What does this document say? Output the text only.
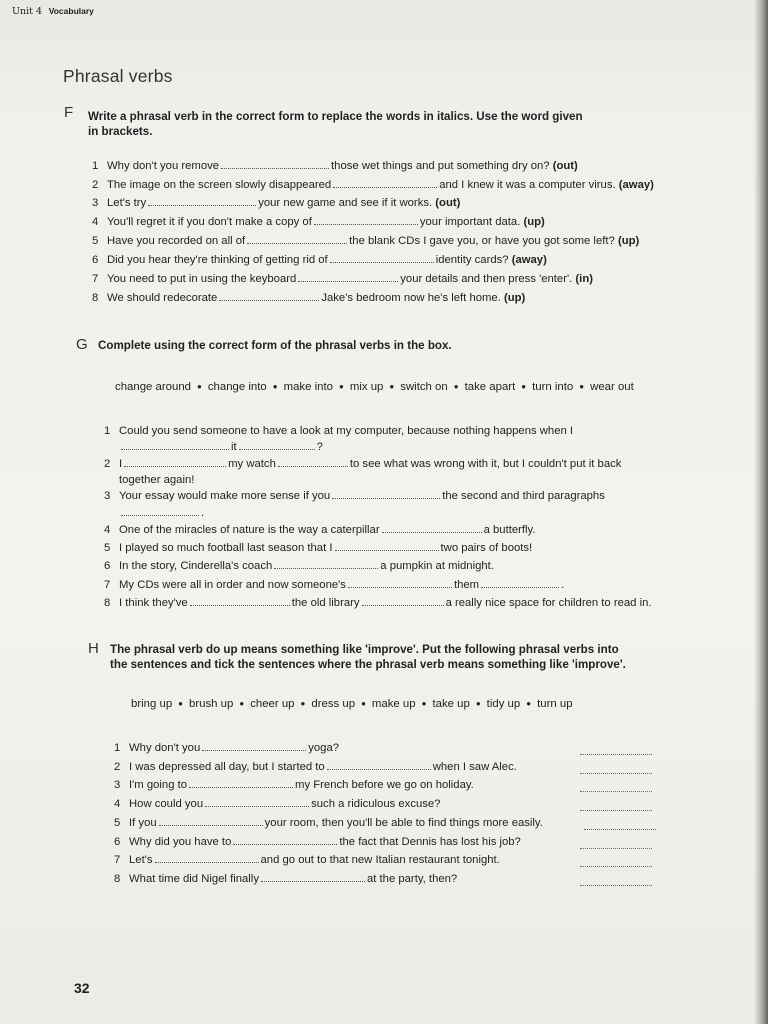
Unit 4 Vocabulary
Phrasal verbs
F Write a phrasal verb in the correct form to replace the words in italics. Use the word given
in brackets.
1 Why don't you remove	those wet things and put something dry on? (out)
2 The image on the screen slowly disappeared	and I knew it was a computer virus. (away)
3 Let's try	your new game and see if it works. (out)
4 You'll regret it if you don't make a copy of	your important data. (up)
5 Have you recorded on all of	the blank CDs I gave you, or have you got some left? (up)
6 Did you hear they're thinking of getting rid of	identity cards? (away)
7 You need to put in using the keyboard	your details and then press 'enter'. (in)
8 We should redecorate	Jake's bedroom now he's left home. (up)
G Complete using the correct form of the phrasal verbs in the box.
change around ● change into ● make into ● mix up ● switch on ● take apart ● turn into ● wear out
1 Could you send someone to have a look at my computer, because nothing happens when I
it	?
2 I	my watch	to see what was wrong with it, but I couldn't put it back
together again!
3 Your essay would make more sense if you	the second and third paragraphs
.
4 One of the miracles of nature is the way a caterpillar	a butterfly.
5 I played so much football last season that I	two pairs of boots!
6 In the story, Cinderella's coach	a pumpkin at midnight.
7 My CDs were all in order and now someone's	them	.
8 I think they've	the old library	a really nice space for children to read in.
H The phrasal verb do up means something like 'improve'. Put the following phrasal verbs into
the sentences and tick the sentences where the phrasal verb means something like 'improve'.
bring up ● brush up ● cheer up ● dress up ● make up ● take up ● tidy up ● turn up
1 Why don't you	yoga?
2 I was depressed all day, but I started to	when I saw Alec.
3 I'm going to	my French before we go on holiday.
4 How could you	such a ridiculous excuse?
5 If you	your room, then you'll be able to find things more easily.
6 Why did you have to	the fact that Dennis has lost his job?
7 Let's	and go out to that new Italian restaurant tonight.
8 What time did Nigel finally	at the party, then?
32
